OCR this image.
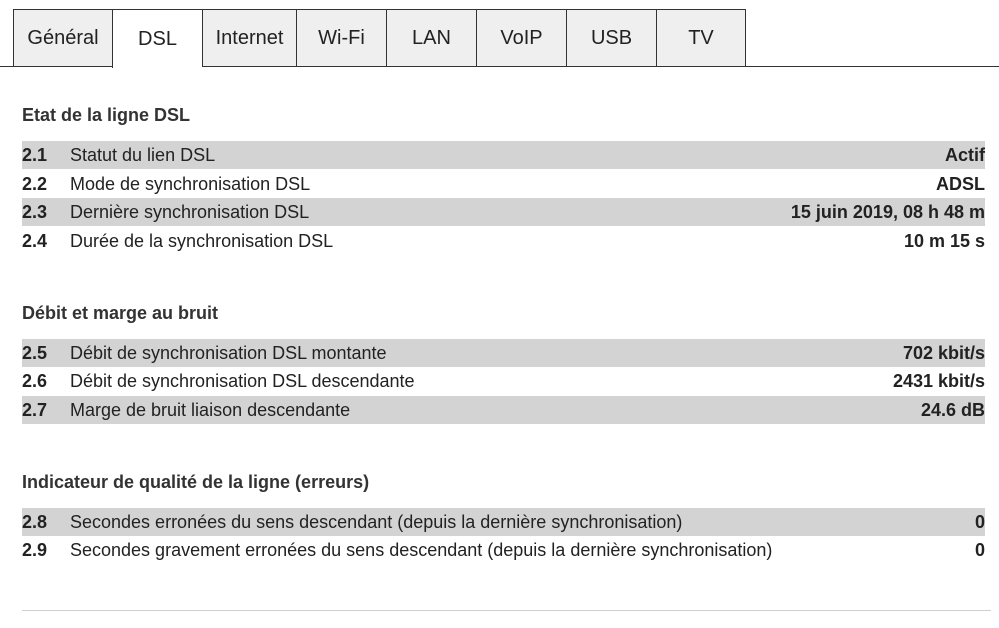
Général	DSL	Internet	Wi-Fi	LAN	VoIP	USB	TV
Etat de la ligne DSL
2.1	Statut du lien DSL	Actif
2.2	Mode de synchronisation DSL	ADSL
2.3	Dernière synchronisation DSL	15 juin 2019, 08 h 48 m
2.4	Durée de la synchronisation DSL	10 m 15 s
Débit et marge au bruit
2.5	Débit de synchronisation DSL montante	702 kbit/s
2.6	Débit de synchronisation DSL descendante	2431 kbit/s
2.7	Marge de bruit liaison descendante	24.6 dB
Indicateur de qualité de la ligne (erreurs)
2.8	Secondes erronées du sens descendant (depuis la dernière synchronisation)	0
2.9	Secondes gravement erronées du sens descendant (depuis la dernière synchronisation)	0
